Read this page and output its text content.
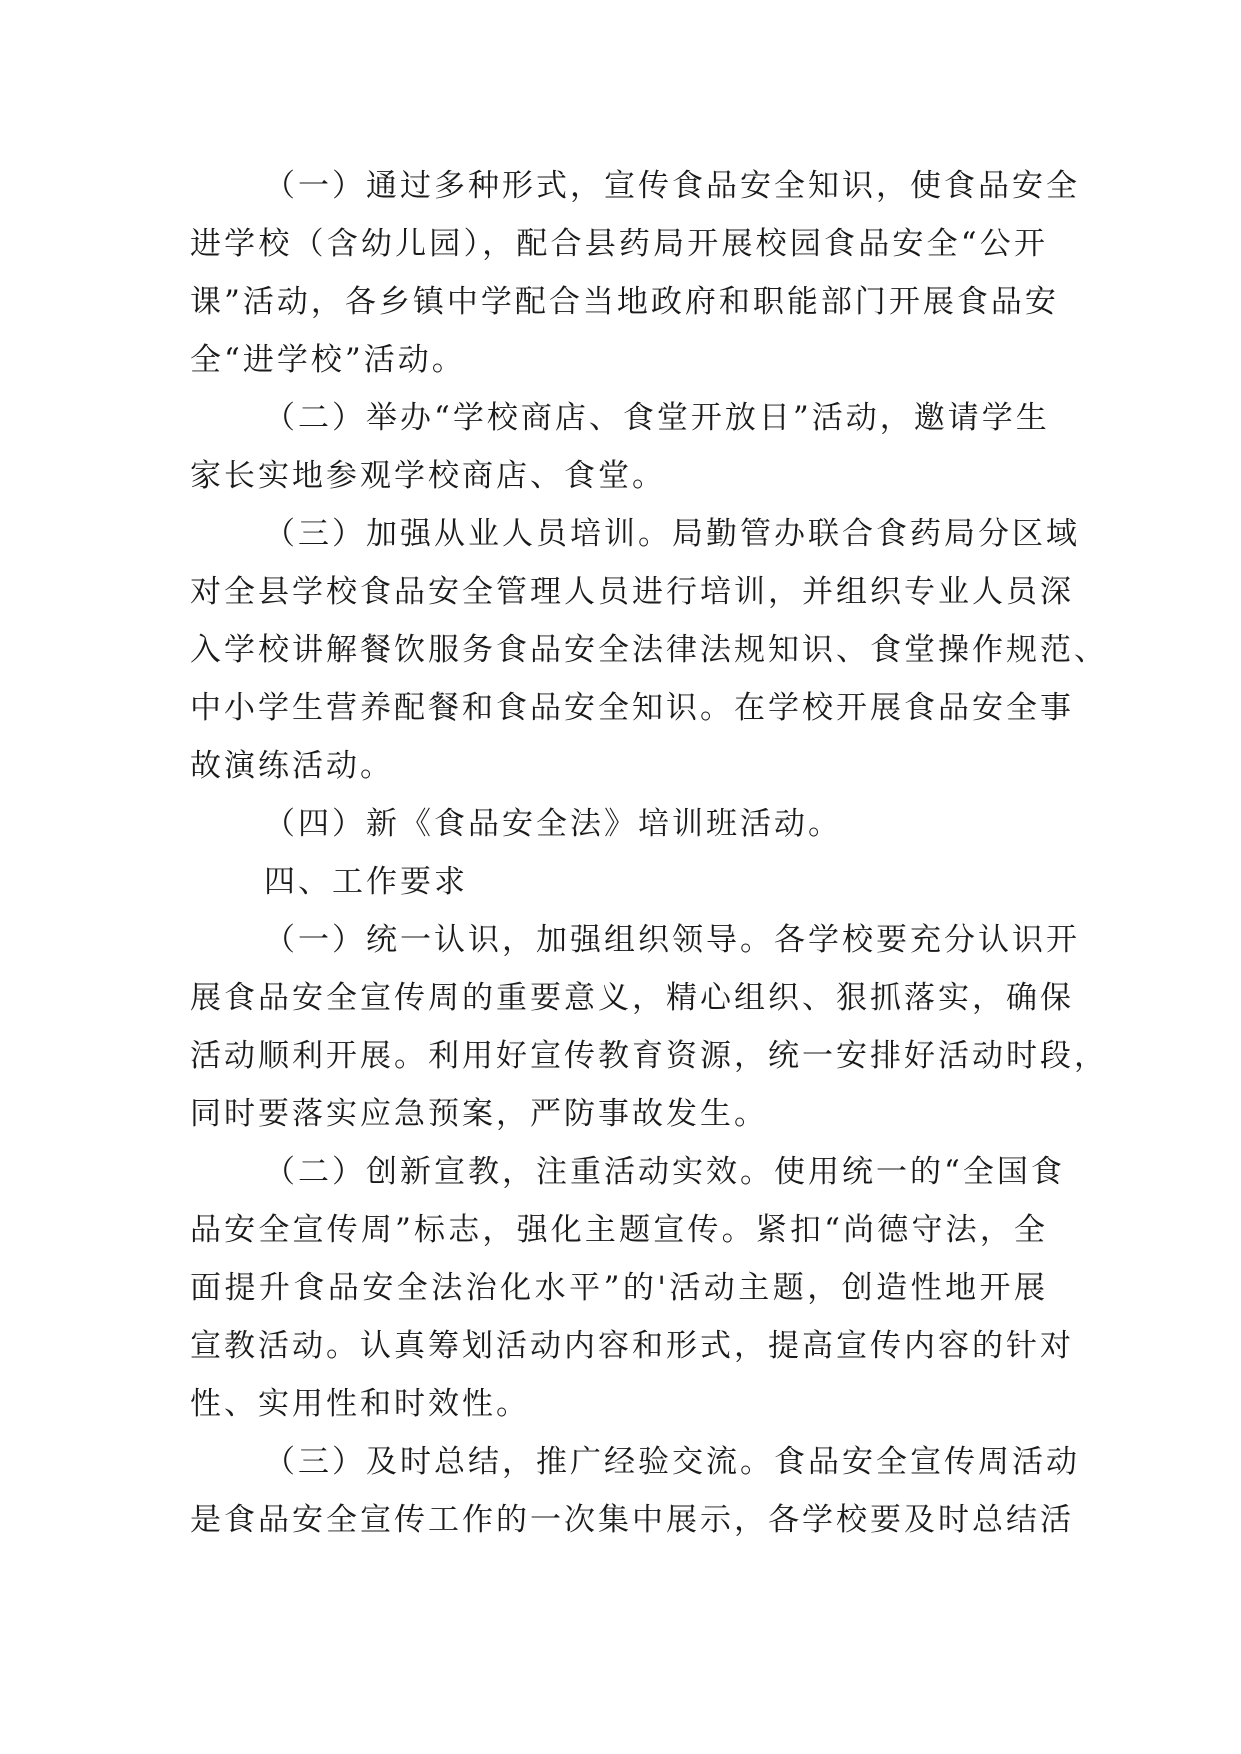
（一）通过多种形式，宣传食品安全知识，使食品安全
进学校（含幼儿园），配合县药局开展校园食品安全“公开
课”活动，各乡镇中学配合当地政府和职能部门开展食品安
全“进学校”活动。
（二）举办“学校商店、食堂开放日”活动，邀请学生
家长实地参观学校商店、食堂。
（三）加强从业人员培训。局勤管办联合食药局分区域
对全县学校食品安全管理人员进行培训，并组织专业人员深
入学校讲解餐饮服务食品安全法律法规知识、食堂操作规范、
中小学生营养配餐和食品安全知识。在学校开展食品安全事
故演练活动。
（四）新《食品安全法》培训班活动。
四、工作要求
（一）统一认识，加强组织领导。各学校要充分认识开
展食品安全宣传周的重要意义，精心组织、狠抓落实，确保
活动顺利开展。利用好宣传教育资源，统一安排好活动时段，
同时要落实应急预案，严防事故发生。
（二）创新宣教，注重活动实效。使用统一的“全国食
品安全宣传周”标志，强化主题宣传。紧扣“尚德守法，全
面提升食品安全法治化水平”的'活动主题，创造性地开展
宣教活动。认真筹划活动内容和形式，提高宣传内容的针对
性、实用性和时效性。
（三）及时总结，推广经验交流。食品安全宣传周活动
是食品安全宣传工作的一次集中展示，各学校要及时总结活
